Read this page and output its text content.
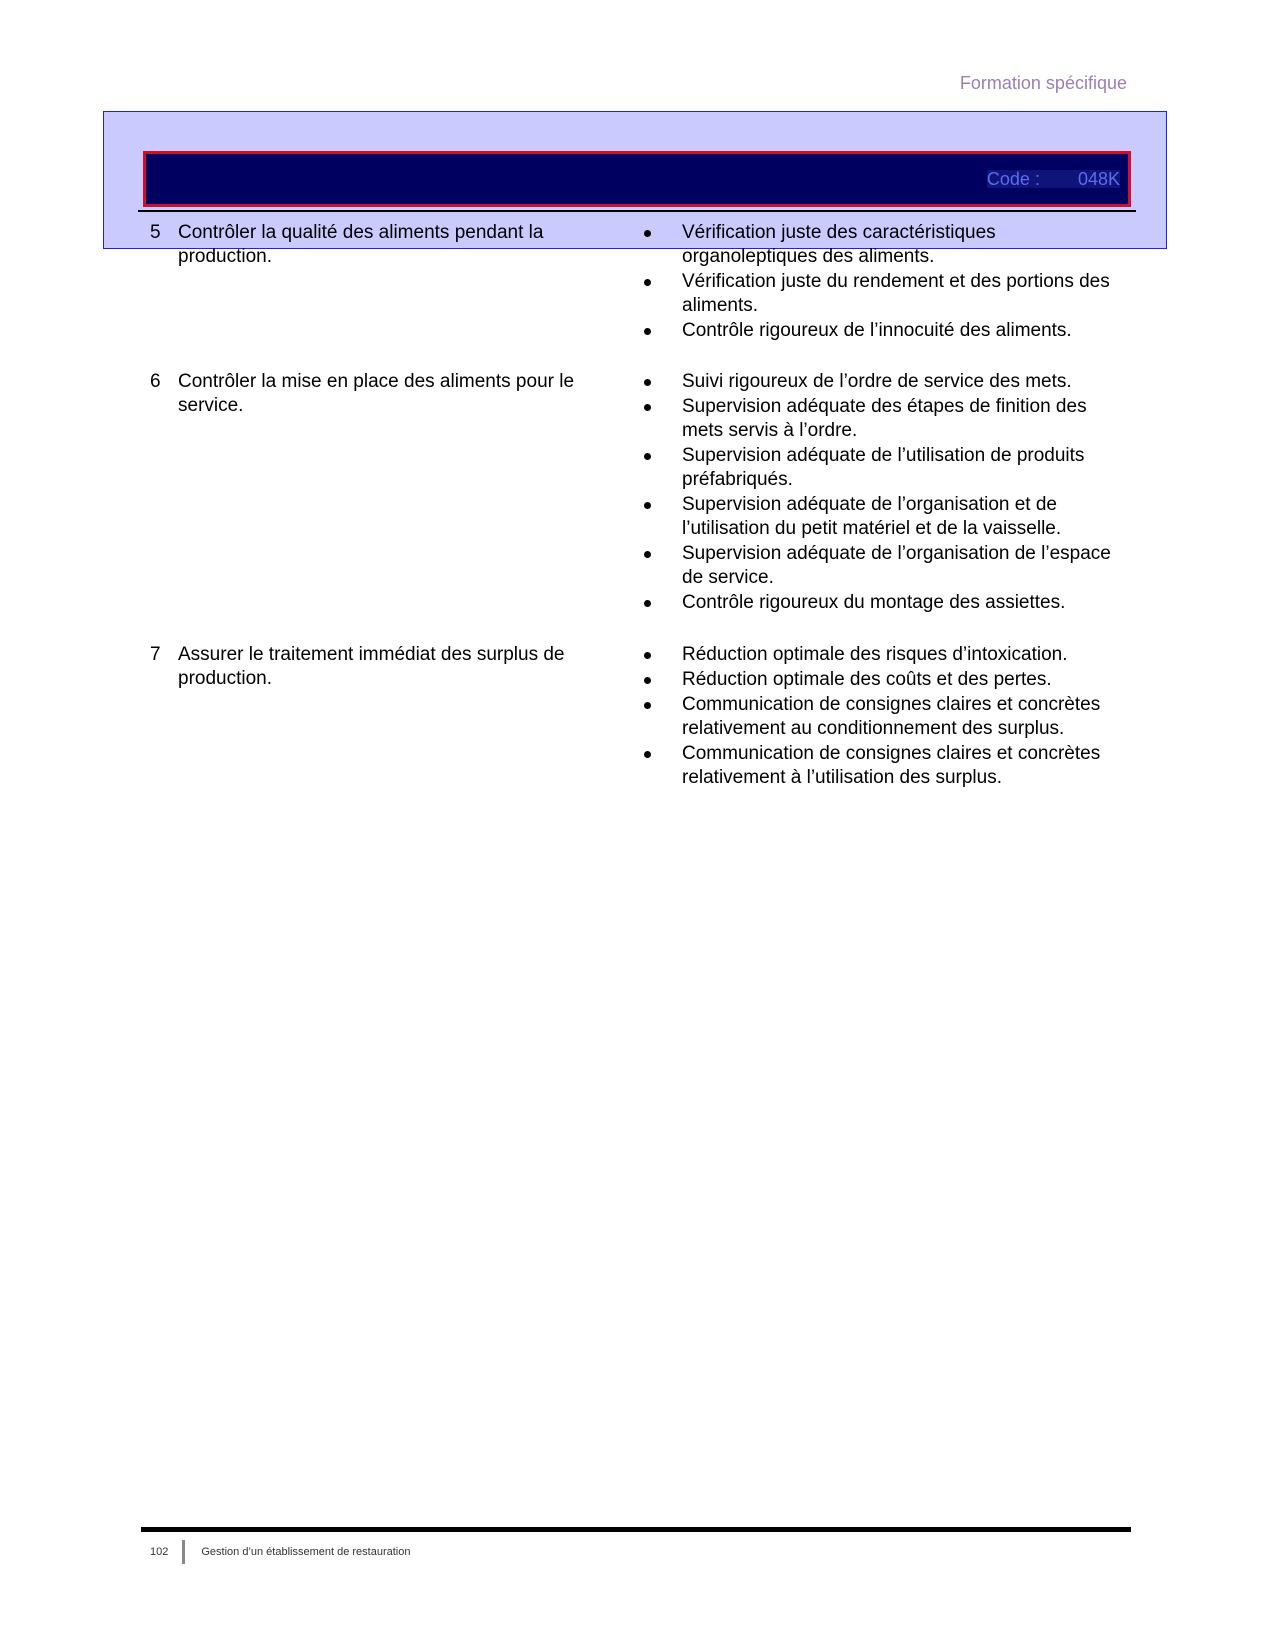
Formation spécifique
Code : 048K
5 Contrôler la qualité des aliments pendant la production.
Vérification juste des caractéristiques organoleptiques des aliments.
Vérification juste du rendement et des portions des aliments.
Contrôle rigoureux de l’innocuité des aliments.
6 Contrôler la mise en place des aliments pour le service.
Suivi rigoureux de l’ordre de service des mets.
Supervision adéquate des étapes de finition des mets servis à l’ordre.
Supervision adéquate de l’utilisation de produits préfabriqués.
Supervision adéquate de l’organisation et de l’utilisation du petit matériel et de la vaisselle.
Supervision adéquate de l’organisation de l’espace de service.
Contrôle rigoureux du montage des assiettes.
7 Assurer le traitement immédiat des surplus de production.
Réduction optimale des risques d’intoxication.
Réduction optimale des coûts et des pertes.
Communication de consignes claires et concrètes relativement au conditionnement des surplus.
Communication de consignes claires et concrètes relativement à l’utilisation des surplus.
102	Gestion d’un établissement de restauration
